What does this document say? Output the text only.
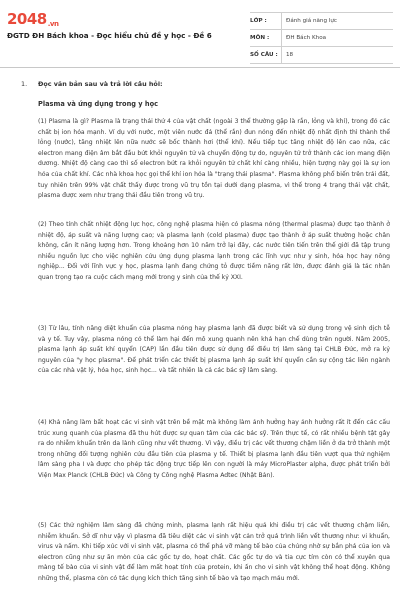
2048.vn
ĐGTD ĐH Bách khoa - Đọc hiểu chủ đề y học - Đề 6
LỚP :	Đánh giá năng lực
MÔN :	ĐH Bách Khoa
SỐ CÂU :	18
1. Đọc văn bản sau và trả lời câu hỏi:
Plasma và ứng dụng trong y học

(1) Plasma là gì? Plasma là trạng thái thứ 4 của vật chất (ngoài 3 thể thường gặp là rắn, lỏng và khí), trong đó các chất bị ion hóa mạnh. Ví dụ với nước, một viên nước đá (thể rắn) đun nóng đến nhiệt độ nhất định thì thành thể lỏng (nước), tăng nhiệt lên nữa nước sẽ bốc thành hơi (thể khí). Nếu tiếp tục tăng nhiệt độ lên cao nữa, các electron mang điện âm bắt đầu bứt khỏi nguyên tử và chuyển động tự do, nguyên tử trở thành các ion mang điện dương. Nhiệt độ càng cao thì số electron bứt ra khỏi nguyên tử chất khí càng nhiều, hiện tượng này gọi là sự ion hóa của chất khí. Các nhà khoa học gọi thể khí ion hóa là "trạng thái plasma". Plasma không phổ biến trên trái đất, tuy nhiên trên 99% vật chất thấy được trong vũ trụ tồn tại dưới dạng plasma, vì thế trong 4 trạng thái vật chất, plasma được xem như trạng thái đầu tiên trong vũ trụ.

(2) Theo tính chất nhiệt động lực học, công nghệ plasma hiện có plasma nóng (thermal plasma) được tạo thành ở nhiệt độ, áp suất và năng lượng cao; và plasma lạnh (cold plasma) được tạo thành ở áp suất thường hoặc chân không, cần ít năng lượng hơn. Trong khoảng hơn 10 năm trở lại đây, các nước tiên tiến trên thế giới đã tập trung nhiều nguồn lực cho việc nghiên cứu ứng dụng plasma lạnh trong các lĩnh vực như y sinh, hóa học hay nông nghiệp... Đối với lĩnh vực y học, plasma lạnh đang chứng tỏ được tiềm năng rất lớn, được đánh giá là tác nhân quan trọng tạo ra cuộc cách mạng mới trong y sinh của thế kỷ XXI.

(3) Từ lâu, tính năng diệt khuẩn của plasma nóng hay plasma lạnh đã được biết và sử dụng trong vệ sinh dịch tễ và y tế. Tuy vậy, plasma nóng có thể làm hại đến mô xung quanh nên khá hạn chế dùng trên người. Năm 2005, plasma lạnh áp suất khí quyển (CAP) lần đầu tiên được sử dụng để điều trị lâm sàng tại CHLB Đức, mở ra kỷ nguyên của "y học plasma". Để phát triển các thiết bị plasma lạnh áp suất khí quyển cần sự cộng tác liên ngành của các nhà vật lý, hóa học, sinh học... và tất nhiên là cả các bác sỹ lâm sàng.

(4) Khả năng làm bất hoạt các vi sinh vật trên bề mặt mà không làm ảnh hưởng hay ảnh hưởng rất ít đến các cấu trúc xung quanh của plasma đã thu hút được sự quan tâm của các bác sỹ. Trên thực tế, có rất nhiều bệnh tật gây ra do nhiễm khuẩn trên da lành cũng như vết thương. Vì vậy, điều trị các vết thương chậm liền ở da trở thành một trong những đối tượng nghiên cứu đầu tiên của plasma y tế. Thiết bị plasma lạnh đầu tiên vượt qua thử nghiệm lâm sàng pha I và được cho phép tác động trực tiếp lên con người là máy MicroPlaster alpha, được phát triển bởi Viện Max Planck (CHLB Đức) và Công ty Công nghệ Plasma Adtec (Nhật Bản).

(5) Các thử nghiệm lâm sàng đã chứng minh, plasma lạnh rất hiệu quả khi điều trị các vết thương chậm liền, nhiễm khuẩn. Sở dĩ như vậy vì plasma đã tiêu diệt các vi sinh vật cản trở quá trình liền vết thương như: vi khuẩn, virus và nấm. Khi tiếp xúc với vi sinh vật, plasma có thể phá vỡ màng tế bào của chúng nhờ sự bắn phá của ion và electron cũng như sự ăn mòn của các gốc tự do, hoạt chất. Các gốc tự do và tia cực tím còn có thể xuyên qua màng tế bào của vi sinh vật để làm mất hoạt tính của protein, khi ấn cho vi sinh vật không thể hoạt động. Không những thế, plasma còn có tác dụng kích thích tăng sinh tế bào và tạo mạch máu mới.
